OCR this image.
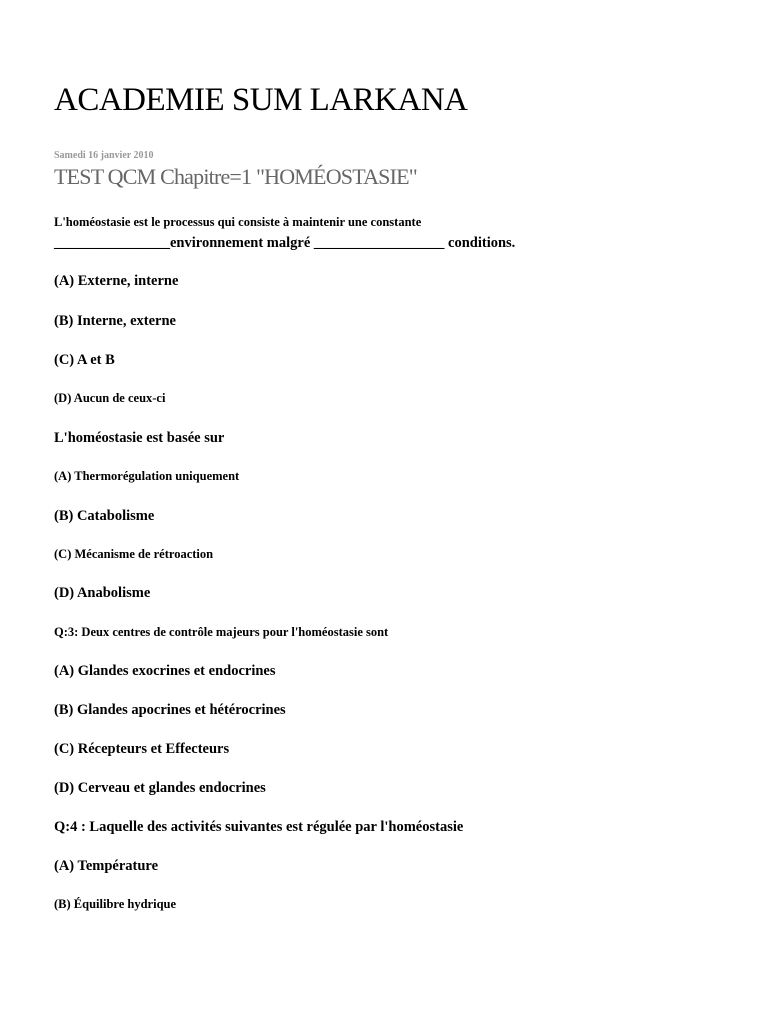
ACADEMIE SUM LARKANA
Samedi 16 janvier 2010
TEST QCM Chapitre=1 "HOMÉOSTASIE"
L'homéostasie est le processus qui consiste à maintenir une constante
________________environnement malgré __________________ conditions.
(A) Externe, interne
(B) Interne, externe
(C) A et B
(D) Aucun de ceux-ci
L'homéostasie est basée sur
(A) Thermorégulation uniquement
(B) Catabolisme
(C) Mécanisme de rétroaction
(D) Anabolisme
Q:3: Deux centres de contrôle majeurs pour l'homéostasie sont
(A) Glandes exocrines et endocrines
(B) Glandes apocrines et hétérocrines
(C) Récepteurs et Effecteurs
(D) Cerveau et glandes endocrines
Q:4 : Laquelle des activités suivantes est régulée par l'homéostasie
(A) Température
(B) Équilibre hydrique
